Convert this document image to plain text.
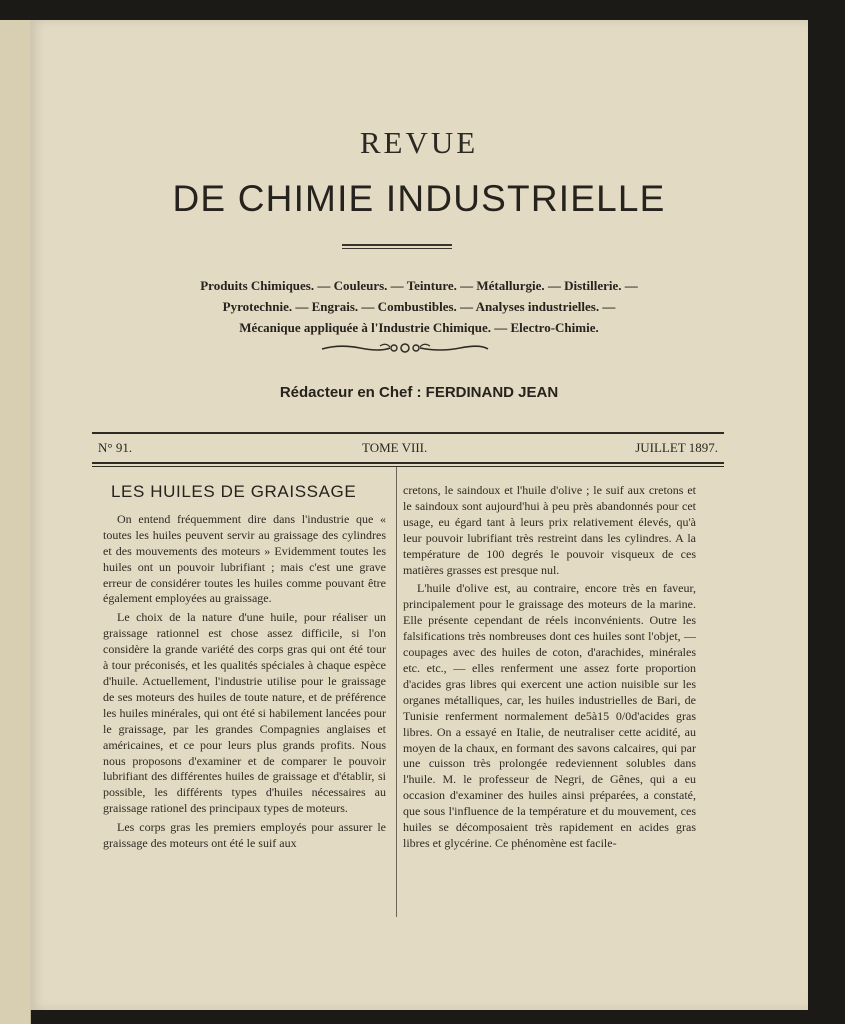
REVUE
DE CHIMIE INDUSTRIELLE
Produits Chimiques. — Couleurs. — Teinture. — Métallurgie. — Distillerie. —
Pyrotechnie. — Engrais. — Combustibles. — Analyses industrielles. —
Mécanique appliquée à l'Industrie Chimique. — Electro-Chimie.
Rédacteur en Chef : FERDINAND JEAN
N° 91.	TOME VIII.	JUILLET 1897.
LES HUILES DE GRAISSAGE

On entend fréquemment dire dans l'industrie que « toutes les huiles peuvent servir au graissage des cylindres et des mouvements des moteurs » Evidemment toutes les huiles ont un pouvoir lubrifiant ; mais c'est une grave erreur de considérer toutes les huiles comme pouvant être également employées au graissage.

Le choix de la nature d'une huile, pour réaliser un graissage rationnel est chose assez difficile, si l'on considère la grande variété des corps gras qui ont été tour à tour préconisés, et les qualités spéciales à chaque espèce d'huile. Actuellement, l'industrie utilise pour le graissage de ses moteurs des huiles de toute nature, et de préférence les huiles minérales, qui ont été si habilement lancées pour le graissage, par les grandes Compagnies anglaises et américaines, et ce pour leurs plus grands profits. Nous nous proposons d'examiner et de comparer le pouvoir lubrifiant des différentes huiles de graissage et d'établir, si possible, les différents types d'huiles nécessaires au graissage rationel des principaux types de moteurs.

Les corps gras les premiers employés pour assurer le graissage des moteurs ont été le suif aux

cretons, le saindoux et l'huile d'olive ; le suif aux cretons et le saindoux sont aujourd'hui à peu près abandonnés pour cet usage, eu égard tant à leurs prix relativement élevés, qu'à leur pouvoir lubrifiant très restreint dans les cylindres. A la température de 100 degrés le pouvoir visqueux de ces matières grasses est presque nul.

L'huile d'olive est, au contraire, encore très en faveur, principalement pour le graissage des moteurs de la marine. Elle présente cependant de réels inconvénients. Outre les falsifications très nombreuses dont ces huiles sont l'objet, — coupages avec des huiles de coton, d'arachides, minérales etc. etc., — elles renferment une assez forte proportion d'acides gras libres qui exercent une action nuisible sur les organes métalliques, car, les huiles industrielles de Bari, de Tunisie renferment normalement de5à15 0/0d'acides gras libres. On a essayé en Italie, de neutraliser cette acidité, au moyen de la chaux, en formant des savons calcaires, qui par une cuisson très prolongée redeviennent solubles dans l'huile. M. le professeur de Negri, de Gênes, qui a eu occasion d'examiner des huiles ainsi préparées, a constaté, que sous l'influence de la température et du mouvement, ces huiles se décomposaient très rapidement en acides gras libres et glycérine. Ce phénomène est facile-
